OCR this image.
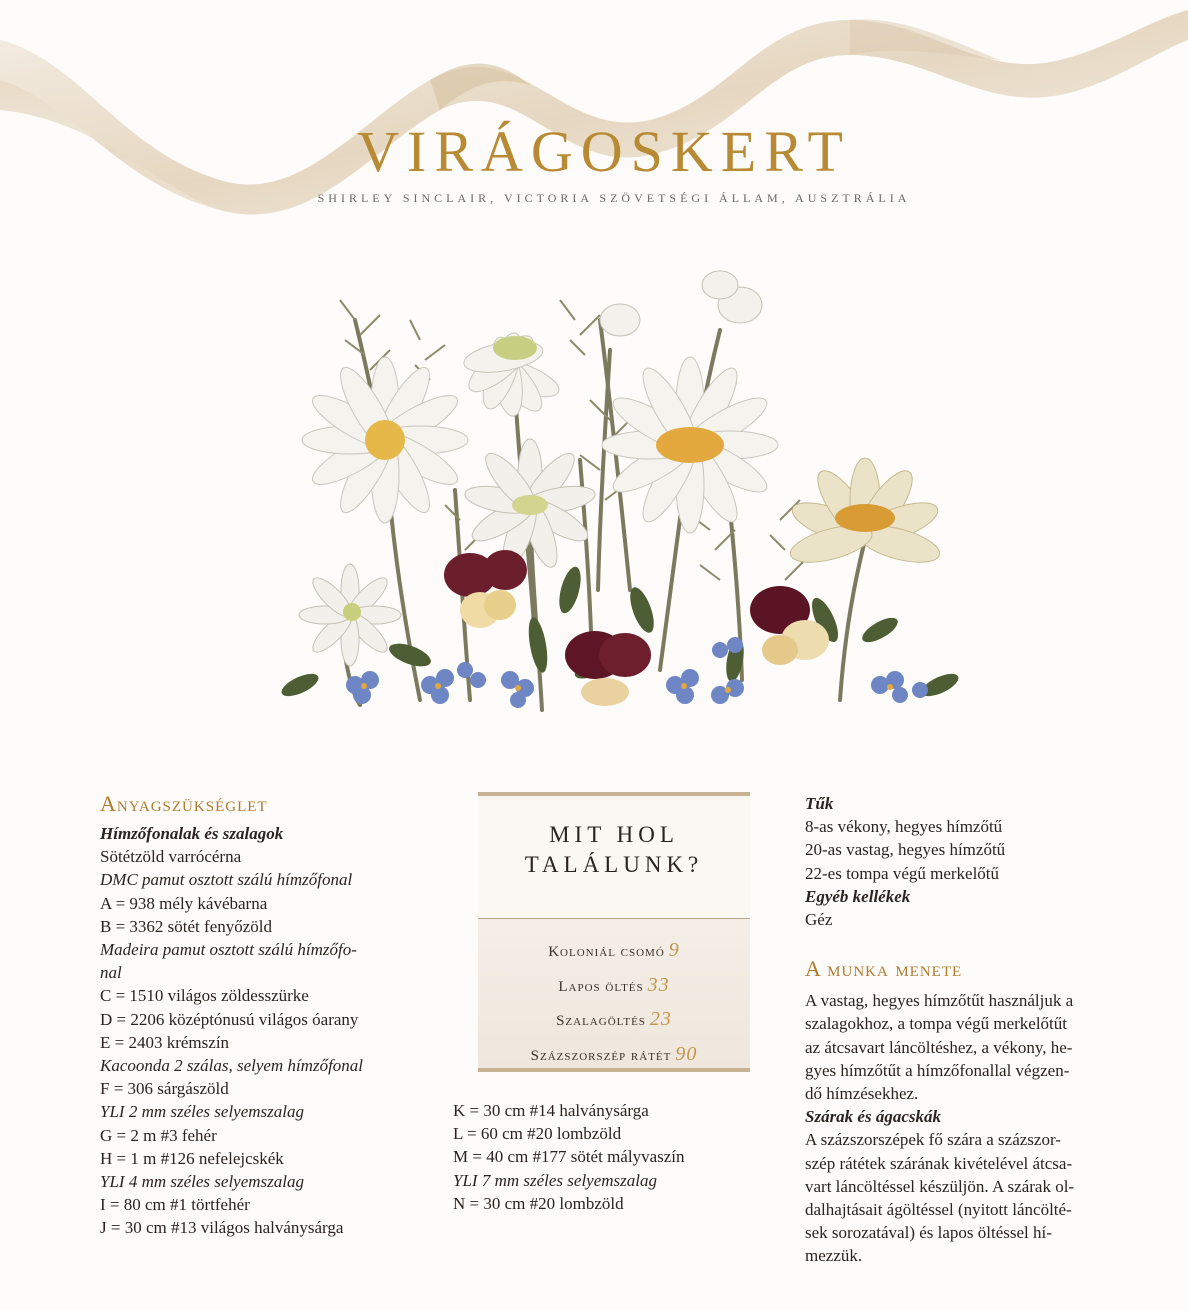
VIRÁGOSKERT
SHIRLEY SINCLAIR, VICTORIA SZÖVETSÉGI ÁLLAM, AUSZTRÁLIA
Anyagszükséglet
Hímzőfonalak és szalagok
Sötétzöld varrócérna
DMC pamut osztott szálú hímzőfonal
A = 938 mély kávébarna
B = 3362 sötét fenyőzöld
Madeira pamut osztott szálú hímzőfo-
nal
C = 1510 világos zöldesszürke
D = 2206 középtónusú világos óarany
E = 2403 krémszín
Kacoonda 2 szálas, selyem hímzőfonal
F = 306 sárgászöld
YLI 2 mm széles selyemszalag
G = 2 m #3 fehér
H = 1 m #126 nefelejcskék
YLI 4 mm széles selyemszalag
I = 80 cm #1 törtfehér
J = 30 cm #13 világos halványsárga
MIT HOL
TALÁLUNK?
Koloniál csomó 9
Lapos öltés 33
Szalagöltés 23
Százszorszép rátét 90
K = 30 cm #14 halványsárga
L = 60 cm #20 lombzöld
M = 40 cm #177 sötét mályvaszín
YLI 7 mm széles selyemszalag
N = 30 cm #20 lombzöld
Tűk
8-as vékony, hegyes hímzőtű
20-as vastag, hegyes hímzőtű
22-es tompa végű merkelőtű
Egyéb kellékek
Géz
A munka menete
A vastag, hegyes hímzőtűt használjuk a
szalagokhoz, a tompa végű merkelőtűt
az átcsavart láncöltéshez, a vékony, he-
gyes hímzőtűt a hímzőfonallal végzen-
dő hímzésekhez.
Szárak és ágacskák
A százszorszépek fő szára a százszor-
szép rátétek szárának kivételével átcsa-
vart láncöltéssel készüljön. A szárak ol-
dalhajtásait ágöltéssel (nyitott láncölté-
sek sorozatával) és lapos öltéssel hí-
mezzük.
